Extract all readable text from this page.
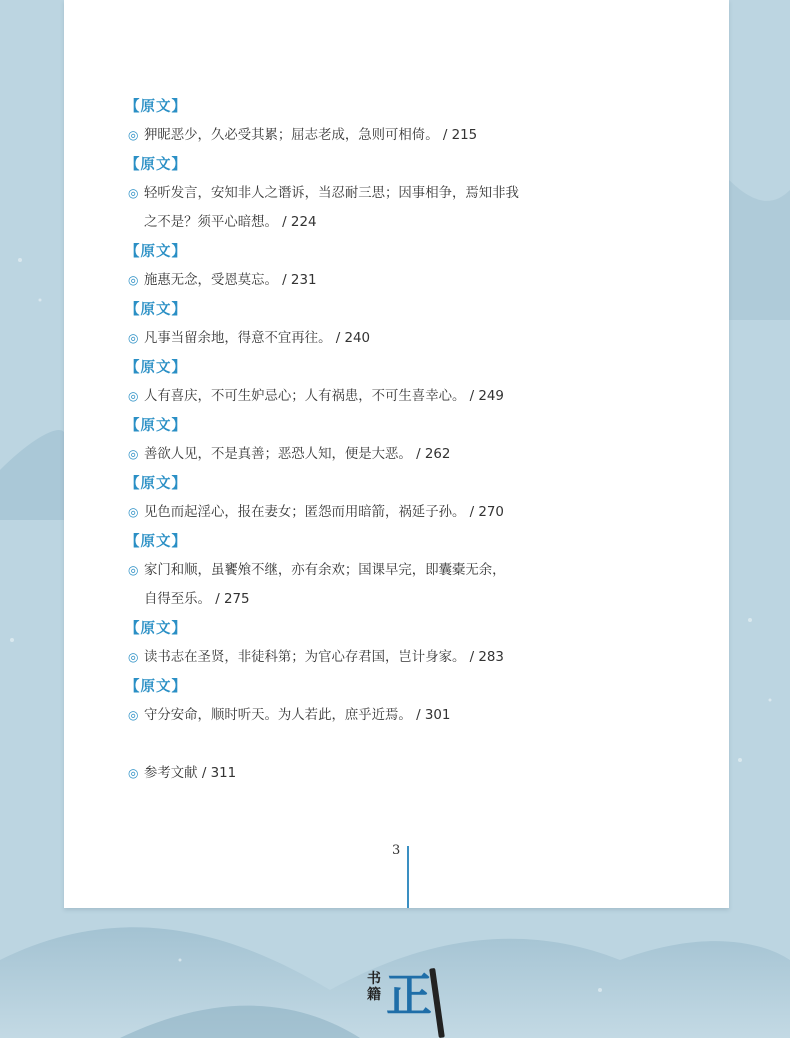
【原文】
◎ 狎昵恶少，久必受其累；屈志老成，急则可相倚。 / 215
【原文】
◎ 轻听发言，安知非人之谮诉，当忍耐三思；因事相争，焉知非我
之不是？须平心暗想。 / 224
【原文】
◎ 施惠无念，受恩莫忘。 / 231
【原文】
◎ 凡事当留余地，得意不宜再往。 / 240
【原文】
◎ 人有喜庆，不可生妒忌心；人有祸患，不可生喜幸心。 / 249
【原文】
◎ 善欲人见，不是真善；恶恐人知，便是大恶。 / 262
【原文】
◎ 见色而起淫心，报在妻女；匿怨而用暗箭，祸延子孙。 / 270
【原文】
◎ 家门和顺，虽饔飧不继，亦有余欢；国课早完，即囊橐无余，
自得至乐。 / 275
【原文】
◎ 读书志在圣贤，非徒科第；为官心存君国，岂计身家。 / 283
【原文】
◎ 守分安命，顺时听天。为人若此，庶乎近焉。 / 301
◎ 参考文献 / 311
3
书籍 正
